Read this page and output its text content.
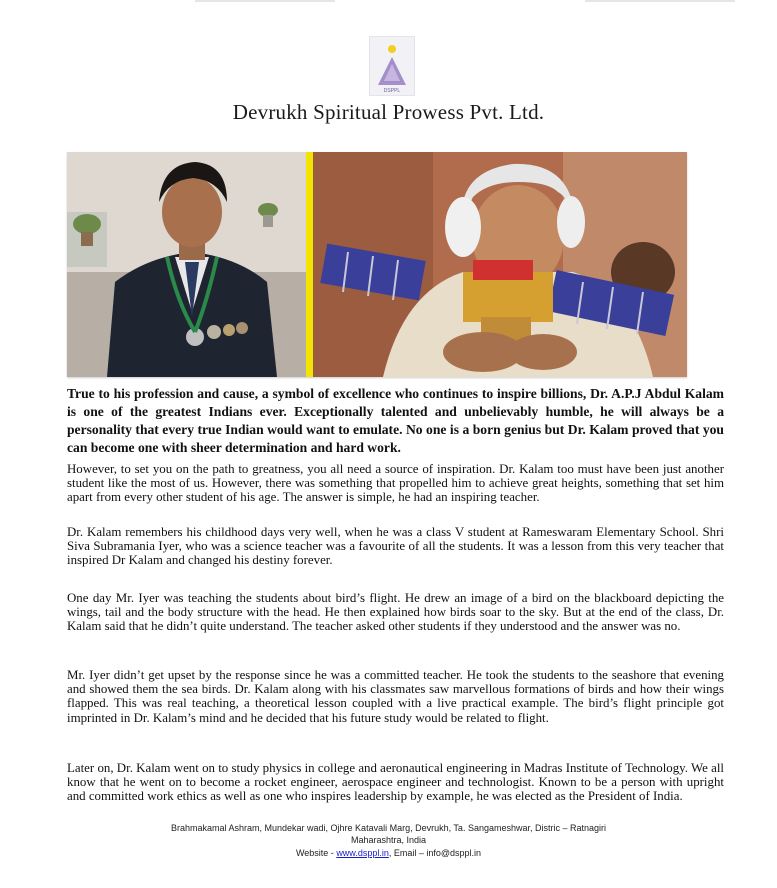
DSPPL
Devrukh Spiritual Prowess Pvt. Ltd.

True to his profession and cause, a symbol of excellence who continues to inspire billions, Dr. A.P.J Abdul Kalam is one of the greatest Indians ever. Exceptionally talented and unbelievably humble, he will always be a personality that every true Indian would want to emulate. No one is a born genius but Dr. Kalam proved that you can become one with sheer determination and hard work.

However, to set you on the path to greatness, you all need a source of inspiration. Dr. Kalam too must have been just another student like the most of us. However, there was something that propelled him to achieve great heights, something that set him apart from every other student of his age. The answer is simple, he had an inspiring teacher.

Dr. Kalam remembers his childhood days very well, when he was a class V student at Rameswaram Elementary School. Shri Siva Subramania Iyer, who was a science teacher was a favourite of all the students. It was a lesson from this very teacher that inspired Dr Kalam and changed his destiny forever.

One day Mr. Iyer was teaching the students about bird’s flight. He drew an image of a bird on the blackboard depicting the wings, tail and the body structure with the head. He then explained how birds soar to the sky. But at the end of the class, Dr. Kalam said that he didn’t quite understand. The teacher asked other students if they understood and the answer was no.

Mr. Iyer didn’t get upset by the response since he was a committed teacher. He took the students to the seashore that evening and showed them the sea birds. Dr. Kalam along with his classmates saw marvellous formations of birds and how their wings flapped. This was real teaching, a theoretical lesson coupled with a live practical example. The bird’s flight principle got imprinted in Dr. Kalam’s mind and he decided that his future study would be related to flight.

Later on, Dr. Kalam went on to study physics in college and aeronautical engineering in Madras Institute of Technology. We all know that he went on to become a rocket engineer, aerospace engineer and technologist. Known to be a person with upright and committed work ethics as well as one who inspires leadership by example, he was elected as the President of India.

Brahmakamal Ashram, Mundekar wadi, Ojhre Katavali Marg, Devrukh, Ta. Sangameshwar, Distric – Ratnagiri
Maharashtra, India
Website - www.dsppl.in, Email – info@dsppl.in
